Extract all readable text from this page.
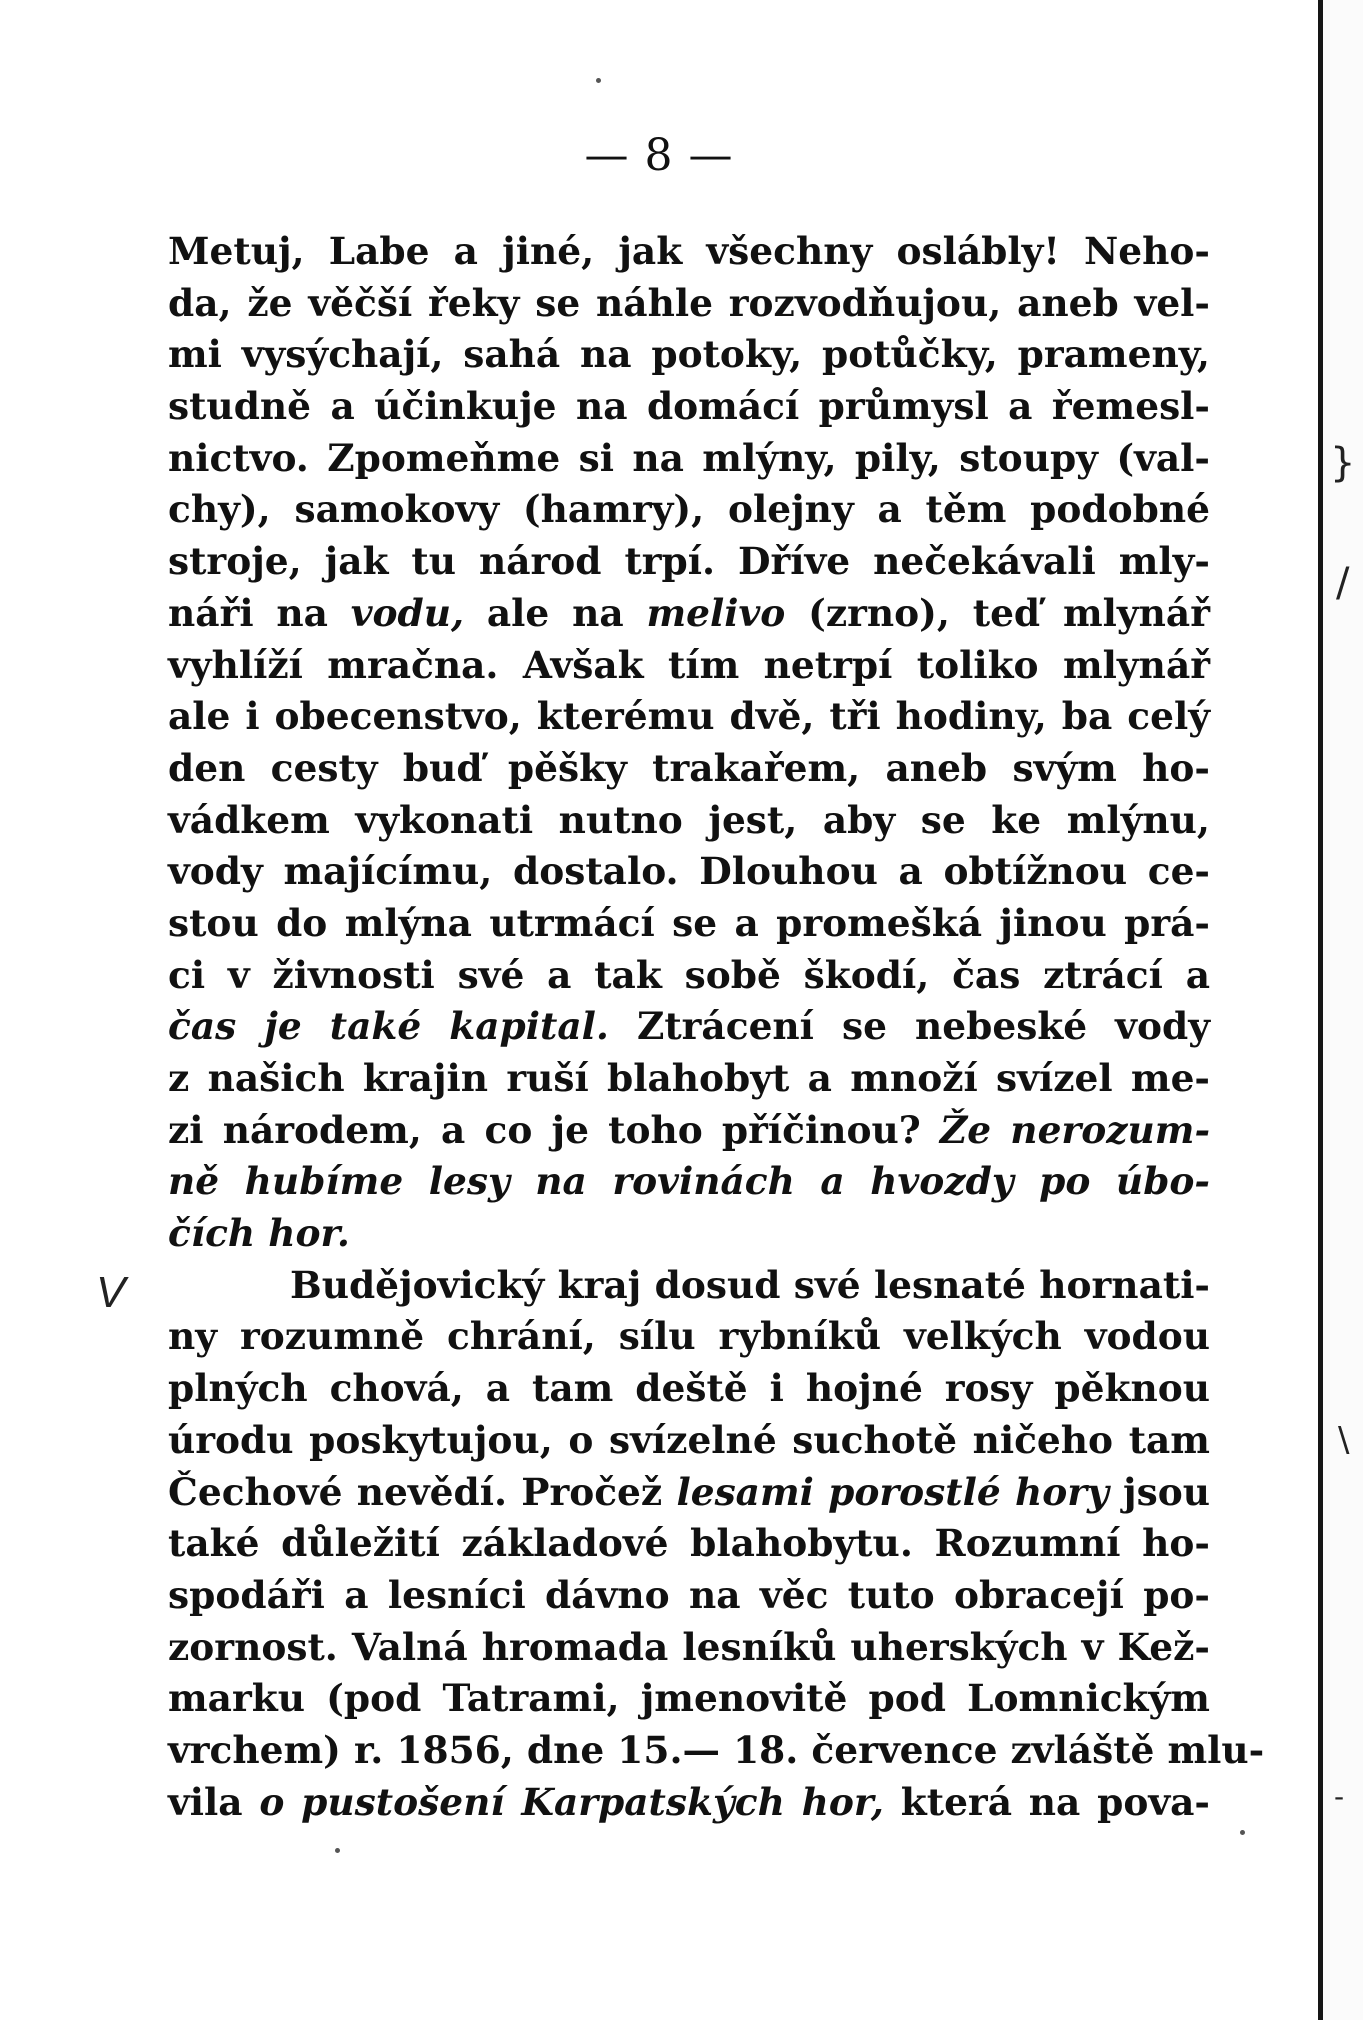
— 8 —
V
Metuj, Labe a jiné, jak všechny oslábly! Neho-
da, že věčší řeky se náhle rozvodňujou, aneb vel-
mi vysýchají, sahá na potoky, potůčky, prameny,
studně a účinkuje na domácí průmysl a řemesl-
nictvo. Zpomeňme si na mlýny, pily, stoupy (val-
chy), samokovy (hamry), olejny a těm podobné
stroje, jak tu národ trpí. Dříve nečekávali mly-
náři na vodu, ale na melivo (zrno), teď mlynář
vyhlíží mračna. Avšak tím netrpí toliko mlynář
ale i obecenstvo, kterému dvě, tři hodiny, ba celý
den cesty buď pěšky trakařem, aneb svým ho-
vádkem vykonati nutno jest, aby se ke mlýnu,
vody majícímu, dostalo. Dlouhou a obtížnou ce-
stou do mlýna utrmácí se a promešká jinou prá-
ci v živnosti své a tak sobě škodí, čas ztrácí a
čas je také kapital. Ztrácení se nebeské vody
z našich krajin ruší blahobyt a množí svízel me-
zi národem, a co je toho příčinou? Že nerozum-
ně hubíme lesy na rovinách a hvozdy po úbo-
čích hor.
Budějovický kraj dosud své lesnaté hornati-
ny rozumně chrání, sílu rybníků velkých vodou
plných chová, a tam deště i hojné rosy pěknou
úrodu poskytujou, o svízelné suchotě ničeho tam
Čechové nevědí. Pročež lesami porostlé hory jsou
také důležití základové blahobytu. Rozumní ho-
spodáři a lesníci dávno na věc tuto obracejí po-
zornost. Valná hromada lesníků uherských v Kež-
marku (pod Tatrami, jmenovitě pod Lomnickým
vrchem) r. 1856, dne 15.— 18. července zvláště mlu-
vila o pustošení Karpatských hor, která na pova-
}
/
\
-
